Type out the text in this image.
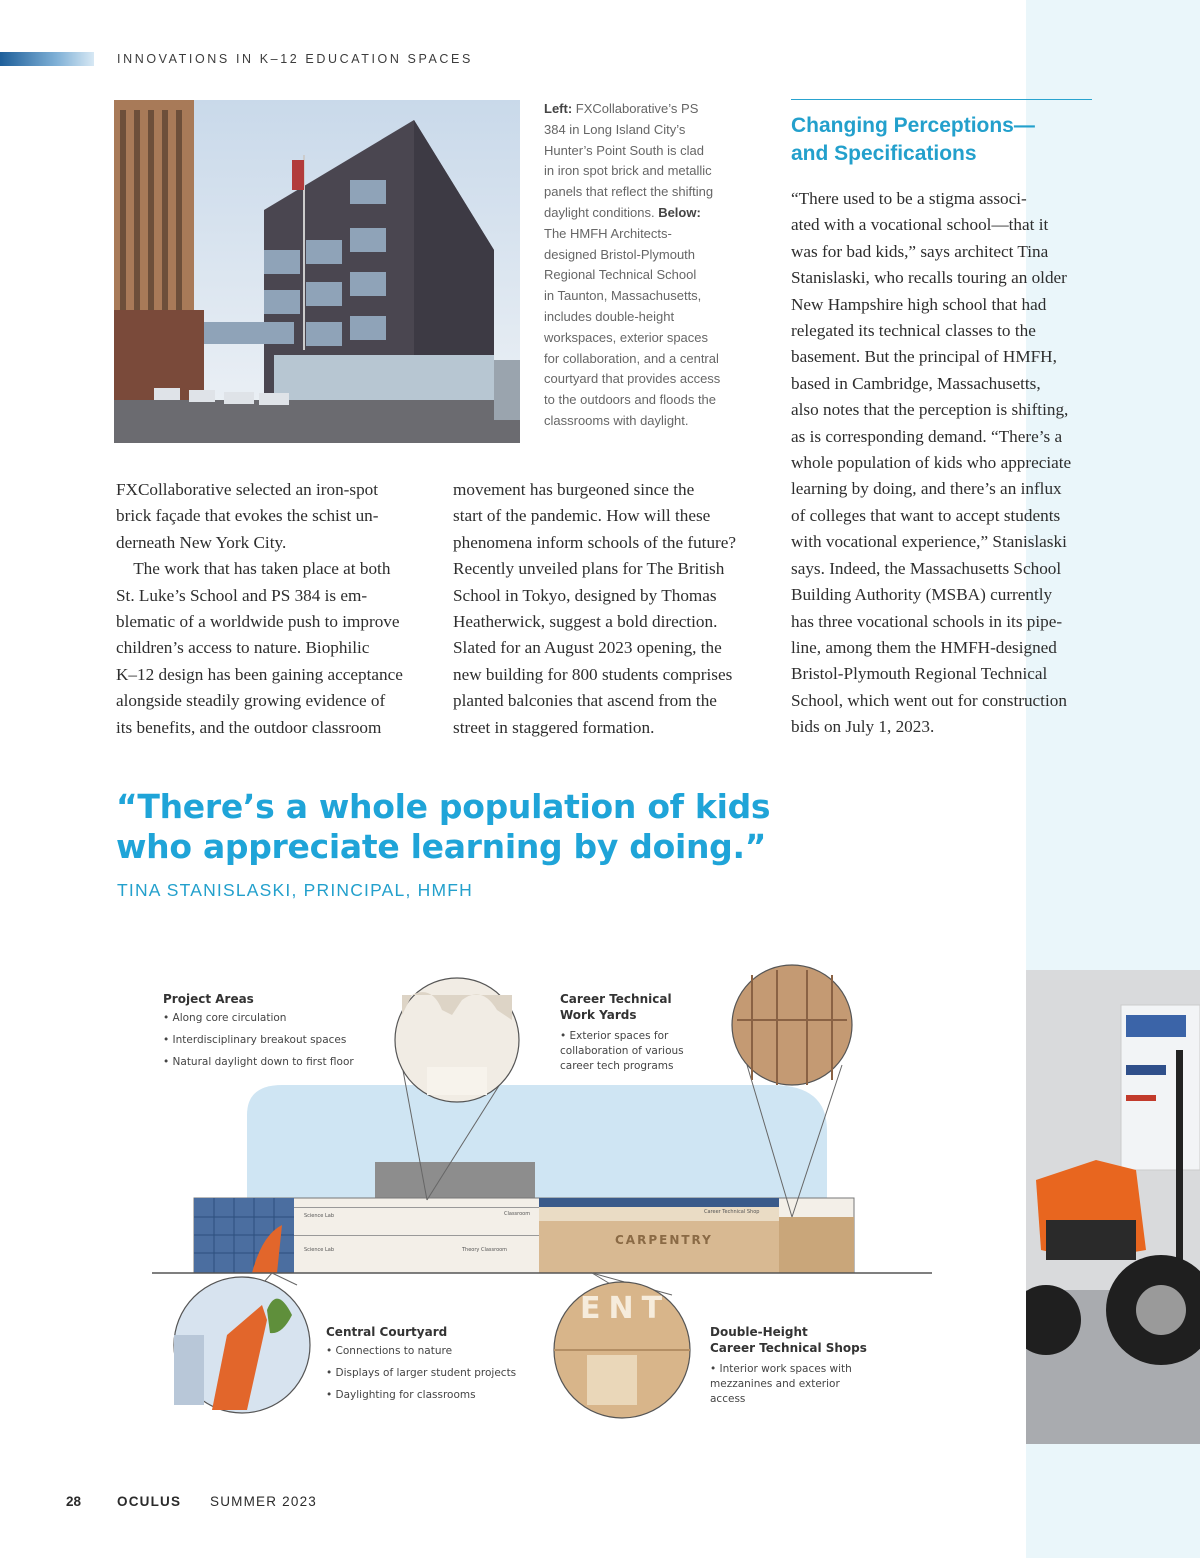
INNOVATIONS IN K–12 EDUCATION SPACES
Left: FXCollaborative’s PS
384 in Long Island City’s
Hunter’s Point South is clad
in iron spot brick and metallic
panels that reflect the shifting
daylight conditions. Below:
The HMFH Architects-
designed Bristol-Plymouth
Regional Technical School
in Taunton, Massachusetts,
includes double-height
workspaces, exterior spaces
for collaboration, and a central
courtyard that provides access
to the outdoors and floods the
classrooms with daylight.
Changing Perceptions—
and Specifications
“There used to be a stigma associ-
ated with a vocational school—that it
was for bad kids,” says architect Tina
Stanislaski, who recalls touring an older
New Hampshire high school that had
relegated its technical classes to the
basement. But the principal of HMFH,
based in Cambridge, Massachusetts,
also notes that the perception is shifting,
as is corresponding demand. “There’s a
whole population of kids who appreciate
learning by doing, and there’s an influx
of colleges that want to accept students
with vocational experience,” Stanislaski
says. Indeed, the Massachusetts School
Building Authority (MSBA) currently
has three vocational schools in its pipe-
line, among them the HMFH-designed
Bristol-Plymouth Regional Technical
School, which went out for construction
bids on July 1, 2023.
FXCollaborative selected an iron-spot
brick façade that evokes the schist un-
derneath New York City.
 The work that has taken place at both
St. Luke’s School and PS 384 is em-
blematic of a worldwide push to improve
children’s access to nature. Biophilic
K–12 design has been gaining acceptance
alongside steadily growing evidence of
its benefits, and the outdoor classroom
movement has burgeoned since the
start of the pandemic. How will these
phenomena inform schools of the future?
Recently unveiled plans for The British
School in Tokyo, designed by Thomas
Heatherwick, suggest a bold direction.
Slated for an August 2023 opening, the
new building for 800 students comprises
planted balconies that ascend from the
street in staggered formation.
“There’s a whole population of kids
who appreciate learning by doing.”
TINA STANISLASKI, PRINCIPAL, HMFH
CARPENTRY
ENT
Science Lab
Science Lab
Classroom
Theory Classroom
Career Technical Shop
Project Areas
• Along core circulation
• Interdisciplinary breakout spaces
• Natural daylight down to first floor
Career Technical
Work Yards
• Exterior spaces for
collaboration of various
career tech programs
Central Courtyard
• Connections to nature
• Displays of larger student projects
• Daylighting for classrooms
Double-Height
Career Technical Shops
• Interior work spaces with
mezzanines and exterior
access
28	OCULUS SUMMER 2023
